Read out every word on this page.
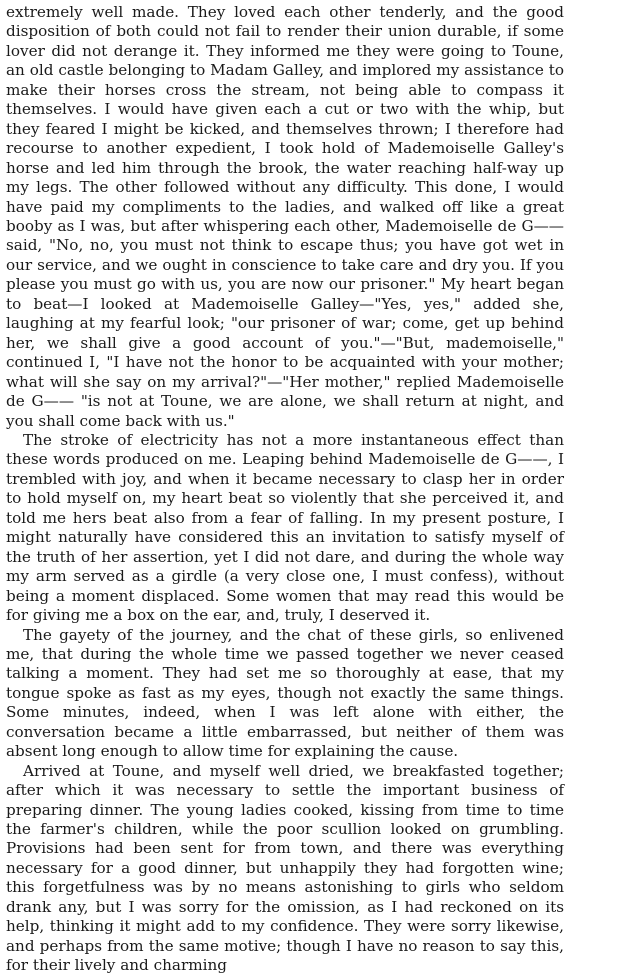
extremely well made. They loved each other tenderly, and the good disposition of both could not fail to render their union durable, if some lover did not derange it. They informed me they were going to Toune, an old castle belonging to Madam Galley, and implored my assistance to make their horses cross the stream, not being able to compass it themselves. I would have given each a cut or two with the whip, but they feared I might be kicked, and themselves thrown; I therefore had recourse to another expedient, I took hold of Mademoiselle Galley's horse and led him through the brook, the water reaching half-way up my legs. The other followed without any difficulty. This done, I would have paid my compliments to the ladies, and walked off like a great booby as I was, but after whispering each other, Mademoiselle de G—— said, "No, no, you must not think to escape thus; you have got wet in our service, and we ought in conscience to take care and dry you. If you please you must go with us, you are now our prisoner." My heart began to beat—I looked at Mademoiselle Galley—"Yes, yes," added she, laughing at my fearful look; "our prisoner of war; come, get up behind her, we shall give a good account of you."—"But, mademoiselle," continued I, "I have not the honor to be acquainted with your mother; what will she say on my arrival?"—"Her mother," replied Mademoiselle de G—— "is not at Toune, we are alone, we shall return at night, and you shall come back with us."

The stroke of electricity has not a more instantaneous effect than these words produced on me. Leaping behind Mademoiselle de G——, I trembled with joy, and when it became necessary to clasp her in order to hold myself on, my heart beat so violently that she perceived it, and told me hers beat also from a fear of falling. In my present posture, I might naturally have considered this an invitation to satisfy myself of the truth of her assertion, yet I did not dare, and during the whole way my arm served as a girdle (a very close one, I must confess), without being a moment displaced. Some women that may read this would be for giving me a box on the ear, and, truly, I deserved it.

The gayety of the journey, and the chat of these girls, so enlivened me, that during the whole time we passed together we never ceased talking a moment. They had set me so thoroughly at ease, that my tongue spoke as fast as my eyes, though not exactly the same things. Some minutes, indeed, when I was left alone with either, the conversation became a little embarrassed, but neither of them was absent long enough to allow time for explaining the cause.

Arrived at Toune, and myself well dried, we breakfasted together; after which it was necessary to settle the important business of preparing dinner. The young ladies cooked, kissing from time to time the farmer's children, while the poor scullion looked on grumbling. Provisions had been sent for from town, and there was everything necessary for a good dinner, but unhappily they had forgotten wine; this forgetfulness was by no means astonishing to girls who seldom drank any, but I was sorry for the omission, as I had reckoned on its help, thinking it might add to my confidence. They were sorry likewise, and perhaps from the same motive; though I have no reason to say this, for their lively and charming
